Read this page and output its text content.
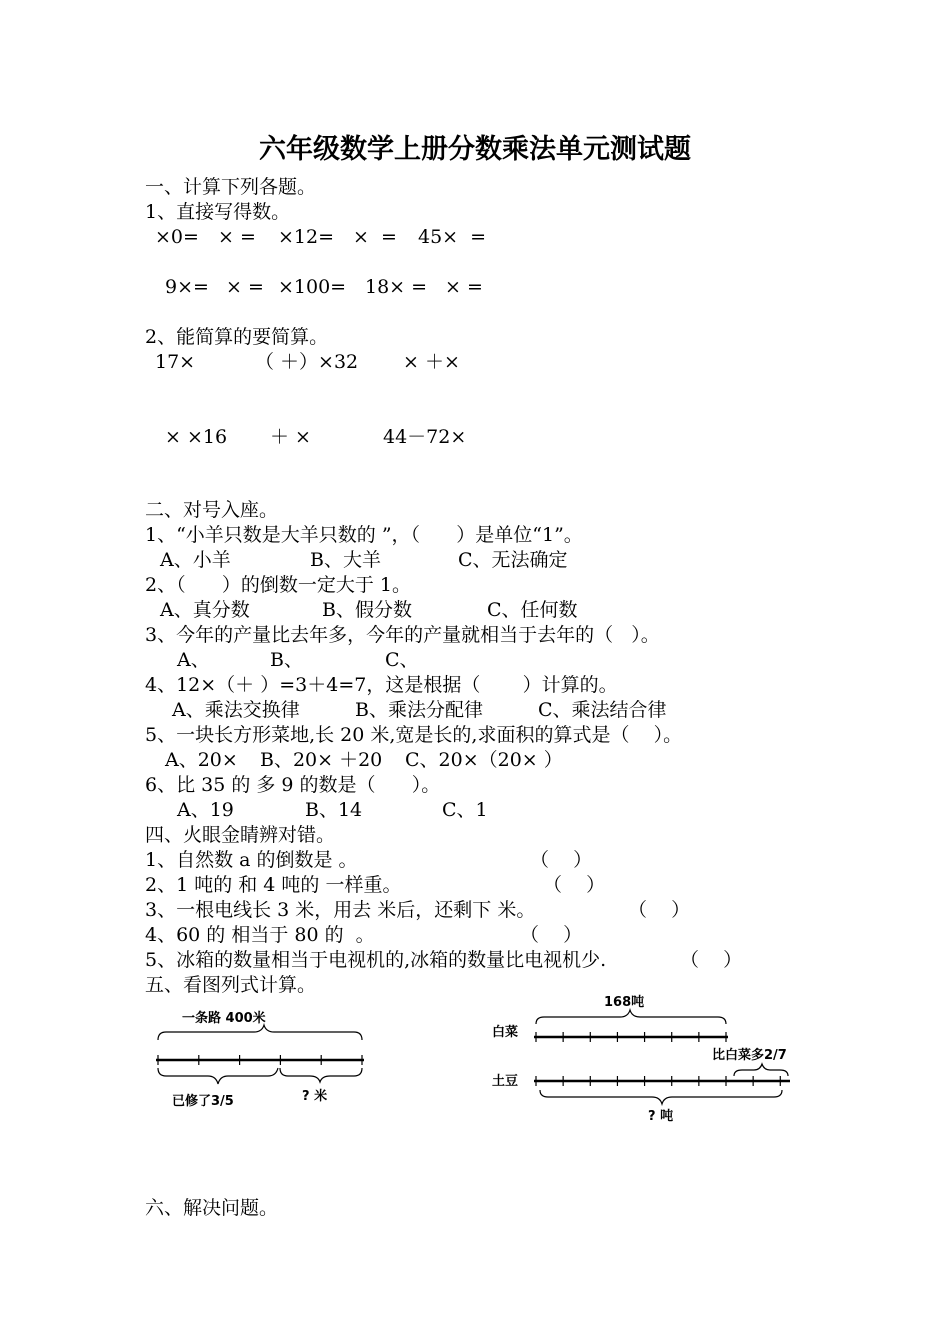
六年级数学上册分数乘法单元测试题
一、计算下列各题。
1、直接写得数。
×0= × = ×12= ×  = 45×  =
9×= × = ×100= 18× = × =
2、能简算的要简算。
17×	（ ＋）×32 × ＋×
× ×16 ＋ ×	44－72×
二、对号入座。
1、“小羊只数是大羊只数的 ”，（      ）是单位“1”。
A、小羊	B、大羊	C、无法确定
2、（      ）的倒数一定大于 1。
A、真分数	B、假分数	C、任何数
3、今年的产量比去年多，今年的产量就相当于去年的（   ）。
A、	B、	C、
4、12×（＋ ）=3＋4=7，这是根据（       ）计算的。
A、乘法交换律	B、乘法分配律	C、乘法结合律
5、一块长方形菜地,长 20 米,宽是长的,求面积的算式是（    ）。
A、20× B、20× ＋20 C、20×（20× ）
6、比 35 的 多 9 的数是（      ）。
A、19	B、14	C、1
四、火眼金睛辨对错。
1、自然数 a 的倒数是 。	（    ）
2、1 吨的 和 4 吨的 一样重。	（    ）
3、一根电线长 3 米，用去 米后，还剩下 米。	（    ）
4、60 的 相当于 80 的  。	（    ）
5、冰箱的数量相当于电视机的,冰箱的数量比电视机少.	（    ）
五、看图列式计算。
一条路 400米
已修了3/5	? 米
168吨
白菜
比白菜多2/7
土豆
? 吨
六、解决问题。
